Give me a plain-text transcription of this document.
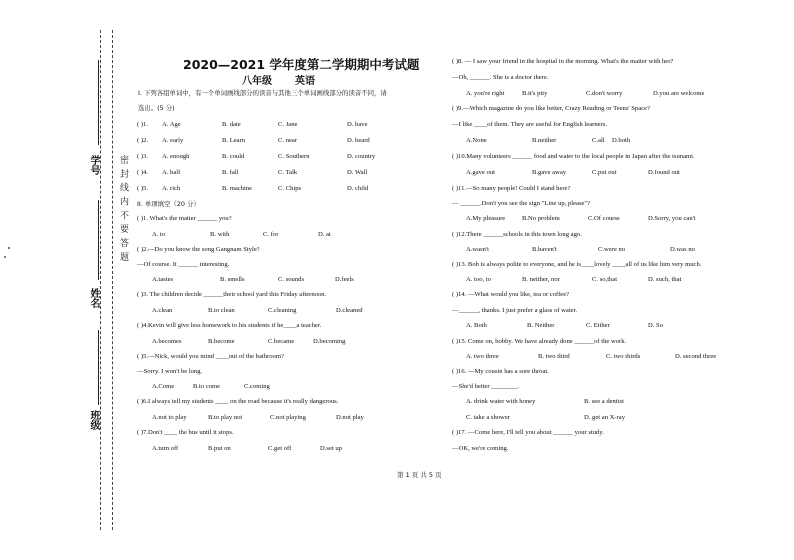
密 封 线 内 不 要 答 题
学号
姓名
班级
2020—2021 学年度第二学期期中考试题
八年级 英语
I. 下列各组单词中，有一个单词画线部分的读音与其他三个单词画线部分的读音不同，请
选出。(5 分)
( )1. A. Age	B. date	C. Jane	D. have
( )2. A. early	B. Learn	C. near	D. heard
( )3. A. enough	B. could	C. Southern	D. country
( )4. A. half	B. fall	C. Talk	D. Wall
( )5. A. rich	B. machine	C. Chips	D. child
II. 单项填空（20 分）
( )1. What's the matter ______ you?
A. to	B. with	C. for	D. at
( )2.—Do you know the song Gangnam Style?
—Of course. It ______ interesting.
A.tastes	B. smells	C. sounds	D.feels
( )3. The children decide ______their school yard this Friday afternoon.
A.clean	B.to clean	C.cleaning	D.cleaned
( )4.Kevin will give less homework to his students if he____a teacher.
A.becomes	B.become	C.became	D.becoming
( )5.—Nick, would you mind ____out of the bathroom?
—Sorry. I won't be long.
A.Come	B.to come	C.coming
( )6.I always tell my students ____ on the road because it's really dangerous.
A.not to play	B.to play not	C.not playing	D.not play
( )7.Don't ____ the bus until it stops.
A.turn off	B.put on	C.get off	D.set up
( )8. — I saw your friend in the hospital in the morning. What's the matter with her?
—Oh, ______. She is a doctor there.
A. you're right	B.it's pity	C.don't worry	D.you are welcome
( )9.—Which magazine do you like better, Crazy Reading or Teens' Space?
—I like ____of them. They are useful for English learners.
A.None	B.neither	C.all D.both
( )10.Many volunteers ______ food and water to the local people in Japan after the tsunami.
A.gave out	B.gave away	C.put out	D.found out
( )11.—So many people! Could I stand here?
— ______.Don't you see the sign "Line up, please"?
A.My pleasure	B.No problem	C.Of course	D.Sorry, you can't
( )12.There ______schools in this town long ago.
A.wasn't	B.haven't	C.were no	D.was no
( )13. Bob is always polite to everyone, and he is____lovely ____all of us like him very much.
A. too, to	B. neither, nor	C. so,that	D. such, that
( )14. —What would you like, tea or coffee?
—______, thanks. I just prefer a glass of water.
A. Both	B. Neither	C. Either	D. So
( )15. Come on, bobby. We have already done ______of the work.
A. two three	B. two third	C. two thirds	D. second three
( )16. —My cousin has a sore throat.
—She'd better ________.
A. drink water with honey	B. see a dentist
C. take a shower	D. get an X-ray
( )17. —Come here, I'll tell you about ______ your study.
—OK, we're coming.
第 1 页 共 5 页
